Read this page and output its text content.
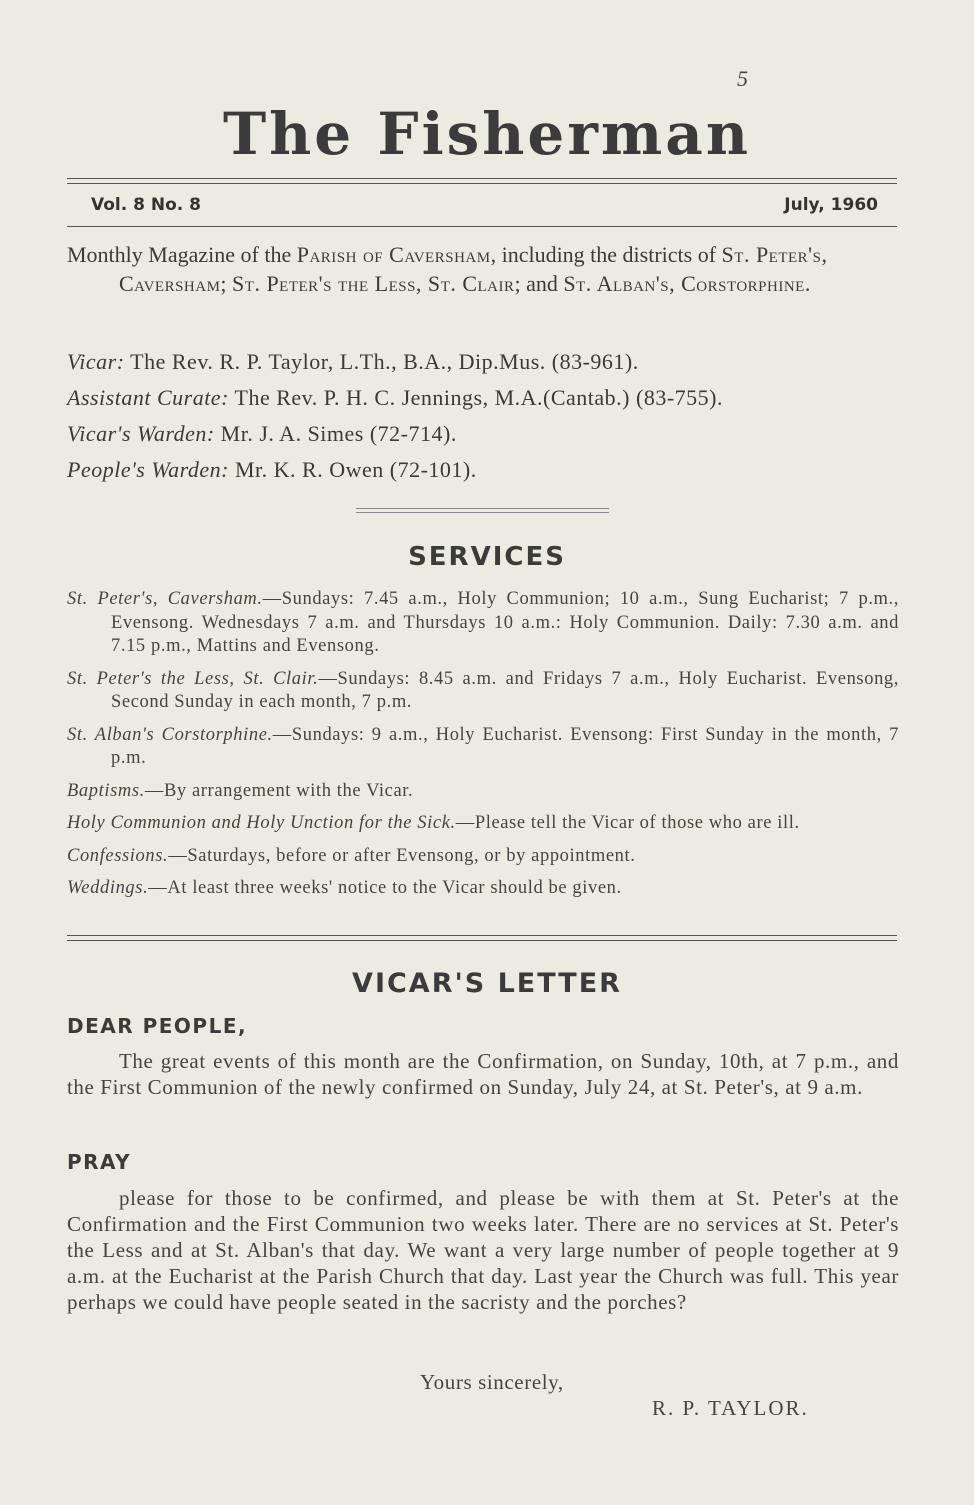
5
The Fisherman
Vol. 8 No. 8	July, 1960

Monthly Magazine of the Parish of Caversham, including the districts of St. Peter's, Caversham; St. Peter's the Less, St. Clair; and St. Alban's, Corstorphine.

Vicar: The Rev. R. P. Taylor, L.Th., B.A., Dip.Mus. (83-961).
Assistant Curate: The Rev. P. H. C. Jennings, M.A.(Cantab.) (83-755).
Vicar's Warden: Mr. J. A. Simes (72-714).
People's Warden: Mr. K. R. Owen (72-101).
SERVICES

St. Peter's, Caversham.—Sundays: 7.45 a.m., Holy Communion; 10 a.m., Sung Eucharist; 7 p.m., Evensong. Wednesdays 7 a.m. and Thursdays 10 a.m.: Holy Communion. Daily: 7.30 a.m. and 7.15 p.m., Mattins and Evensong.

St. Peter's the Less, St. Clair.—Sundays: 8.45 a.m. and Fridays 7 a.m., Holy Eucharist. Evensong, Second Sunday in each month, 7 p.m.

St. Alban's Corstorphine.—Sundays: 9 a.m., Holy Eucharist. Evensong: First Sunday in the month, 7 p.m.

Baptisms.—By arrangement with the Vicar.

Holy Communion and Holy Unction for the Sick.—Please tell the Vicar of those who are ill.

Confessions.—Saturdays, before or after Evensong, or by appointment.

Weddings.—At least three weeks' notice to the Vicar should be given.

VICAR'S LETTER
DEAR PEOPLE,

The great events of this month are the Confirmation, on Sunday, 10th, at 7 p.m., and the First Communion of the newly confirmed on Sunday, July 24, at St. Peter's, at 9 a.m.

PRAY

please for those to be confirmed, and please be with them at St. Peter's at the Confirmation and the First Communion two weeks later. There are no services at St. Peter's the Less and at St. Alban's that day. We want a very large number of people together at 9 a.m. at the Eucharist at the Parish Church that day. Last year the Church was full. This year perhaps we could have people seated in the sacristy and the porches?

Yours sincerely,
R. P. TAYLOR.
